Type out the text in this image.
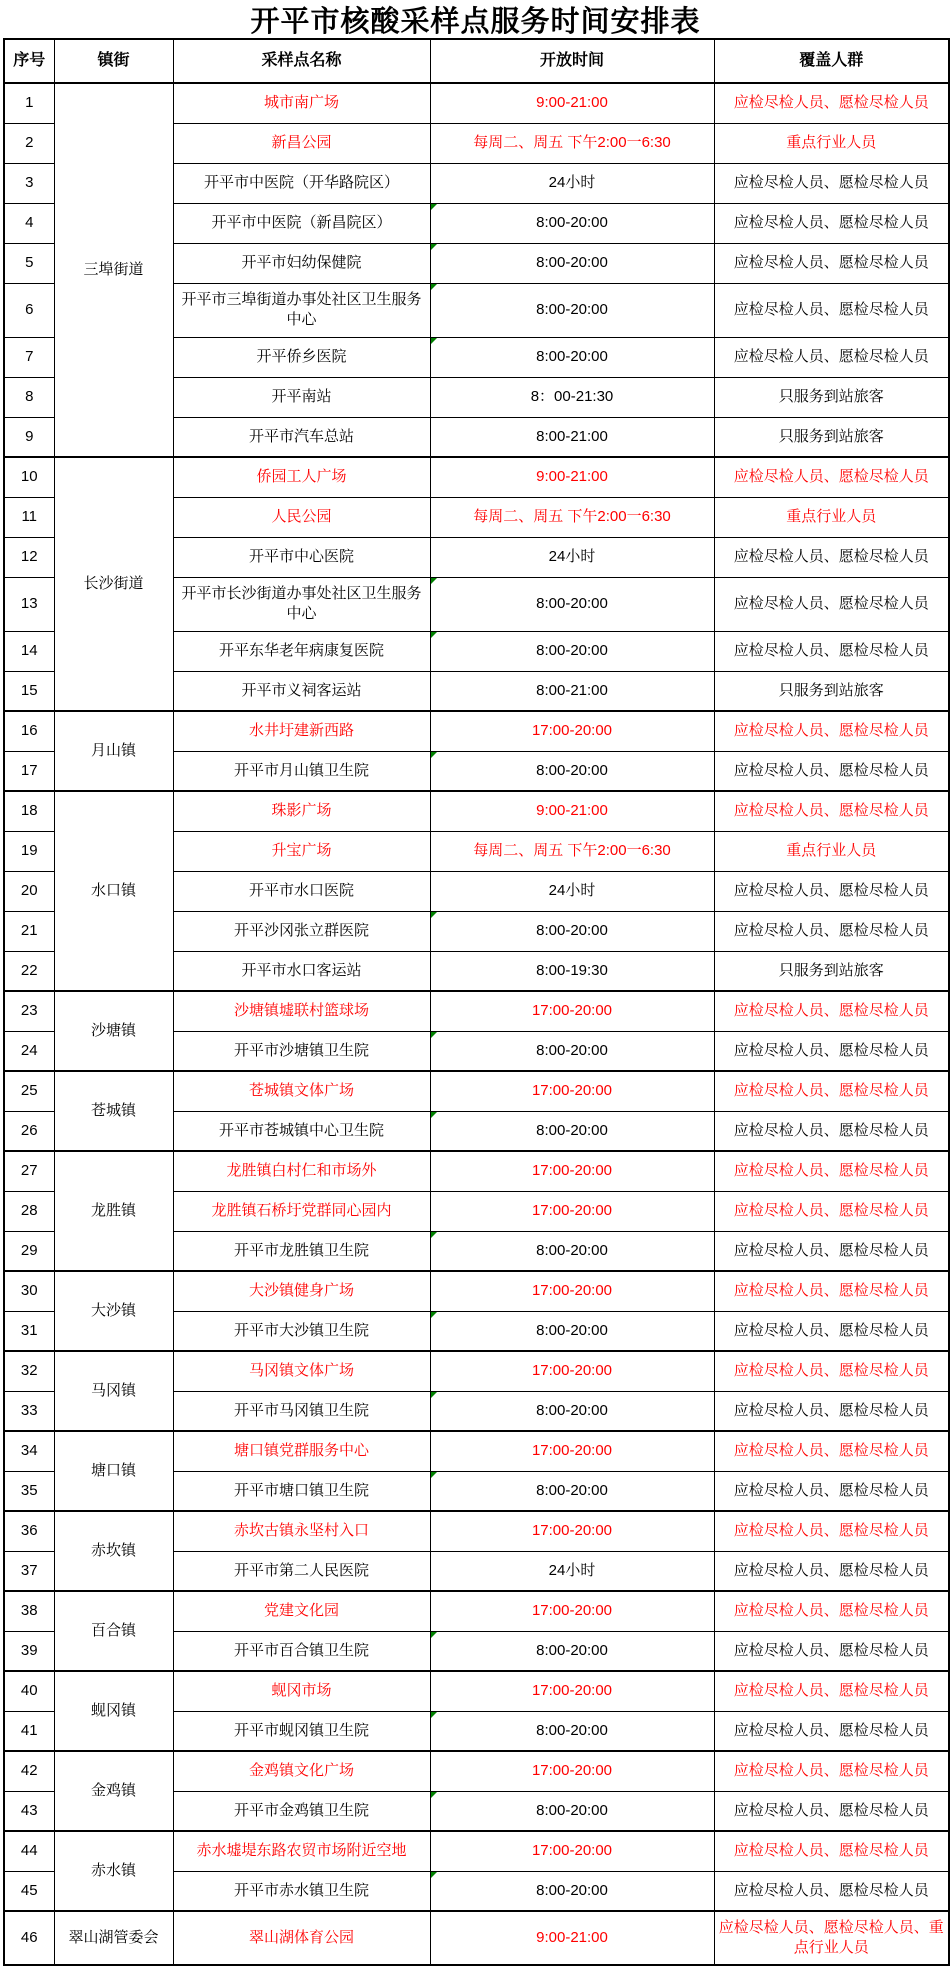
开平市核酸采样点服务时间安排表
序号	镇街	采样点名称	开放时间	覆盖人群
1	三埠街道	城市南广场	9:00-21:00	应检尽检人员、愿检尽检人员
2		新昌公园	每周二、周五 下午2:00一6:30	重点行业人员
3		开平市中医院（开华路院区）	24小时	应检尽检人员、愿检尽检人员
4		开平市中医院（新昌院区）	8:00-20:00	应检尽检人员、愿检尽检人员
5		开平市妇幼保健院	8:00-20:00	应检尽检人员、愿检尽检人员
6		开平市三埠街道办事处社区卫生服务中心	8:00-20:00	应检尽检人员、愿检尽检人员
7		开平侨乡医院	8:00-20:00	应检尽检人员、愿检尽检人员
8		开平南站	8：00-21:30	只服务到站旅客
9		开平市汽车总站	8:00-21:00	只服务到站旅客
10	长沙街道	侨园工人广场	9:00-21:00	应检尽检人员、愿检尽检人员
11		人民公园	每周二、周五 下午2:00一6:30	重点行业人员
12		开平市中心医院	24小时	应检尽检人员、愿检尽检人员
13		开平市长沙街道办事处社区卫生服务中心	8:00-20:00	应检尽检人员、愿检尽检人员
14		开平东华老年病康复医院	8:00-20:00	应检尽检人员、愿检尽检人员
15		开平市义祠客运站	8:00-21:00	只服务到站旅客
16	月山镇	水井圩建新西路	17:00-20:00	应检尽检人员、愿检尽检人员
17		开平市月山镇卫生院	8:00-20:00	应检尽检人员、愿检尽检人员
18	水口镇	珠影广场	9:00-21:00	应检尽检人员、愿检尽检人员
19		升宝广场	每周二、周五 下午2:00一6:30	重点行业人员
20		开平市水口医院	24小时	应检尽检人员、愿检尽检人员
21		开平沙冈张立群医院	8:00-20:00	应检尽检人员、愿检尽检人员
22		开平市水口客运站	8:00-19:30	只服务到站旅客
23	沙塘镇	沙塘镇墟联村篮球场	17:00-20:00	应检尽检人员、愿检尽检人员
24		开平市沙塘镇卫生院	8:00-20:00	应检尽检人员、愿检尽检人员
25	苍城镇	苍城镇文体广场	17:00-20:00	应检尽检人员、愿检尽检人员
26		开平市苍城镇中心卫生院	8:00-20:00	应检尽检人员、愿检尽检人员
27	龙胜镇	龙胜镇白村仁和市场外	17:00-20:00	应检尽检人员、愿检尽检人员
28		龙胜镇石桥圩党群同心园内	17:00-20:00	应检尽检人员、愿检尽检人员
29		开平市龙胜镇卫生院	8:00-20:00	应检尽检人员、愿检尽检人员
30	大沙镇	大沙镇健身广场	17:00-20:00	应检尽检人员、愿检尽检人员
31		开平市大沙镇卫生院	8:00-20:00	应检尽检人员、愿检尽检人员
32	马冈镇	马冈镇文体广场	17:00-20:00	应检尽检人员、愿检尽检人员
33		开平市马冈镇卫生院	8:00-20:00	应检尽检人员、愿检尽检人员
34	塘口镇	塘口镇党群服务中心	17:00-20:00	应检尽检人员、愿检尽检人员
35		开平市塘口镇卫生院	8:00-20:00	应检尽检人员、愿检尽检人员
36	赤坎镇	赤坎古镇永坚村入口	17:00-20:00	应检尽检人员、愿检尽检人员
37		开平市第二人民医院	24小时	应检尽检人员、愿检尽检人员
38	百合镇	党建文化园	17:00-20:00	应检尽检人员、愿检尽检人员
39		开平市百合镇卫生院	8:00-20:00	应检尽检人员、愿检尽检人员
40	蚬冈镇	蚬冈市场	17:00-20:00	应检尽检人员、愿检尽检人员
41		开平市蚬冈镇卫生院	8:00-20:00	应检尽检人员、愿检尽检人员
42	金鸡镇	金鸡镇文化广场	17:00-20:00	应检尽检人员、愿检尽检人员
43		开平市金鸡镇卫生院	8:00-20:00	应检尽检人员、愿检尽检人员
44	赤水镇	赤水墟堤东路农贸市场附近空地	17:00-20:00	应检尽检人员、愿检尽检人员
45		开平市赤水镇卫生院	8:00-20:00	应检尽检人员、愿检尽检人员
46	翠山湖管委会	翠山湖体育公园	9:00-21:00	应检尽检人员、愿检尽检人员、重点行业人员
